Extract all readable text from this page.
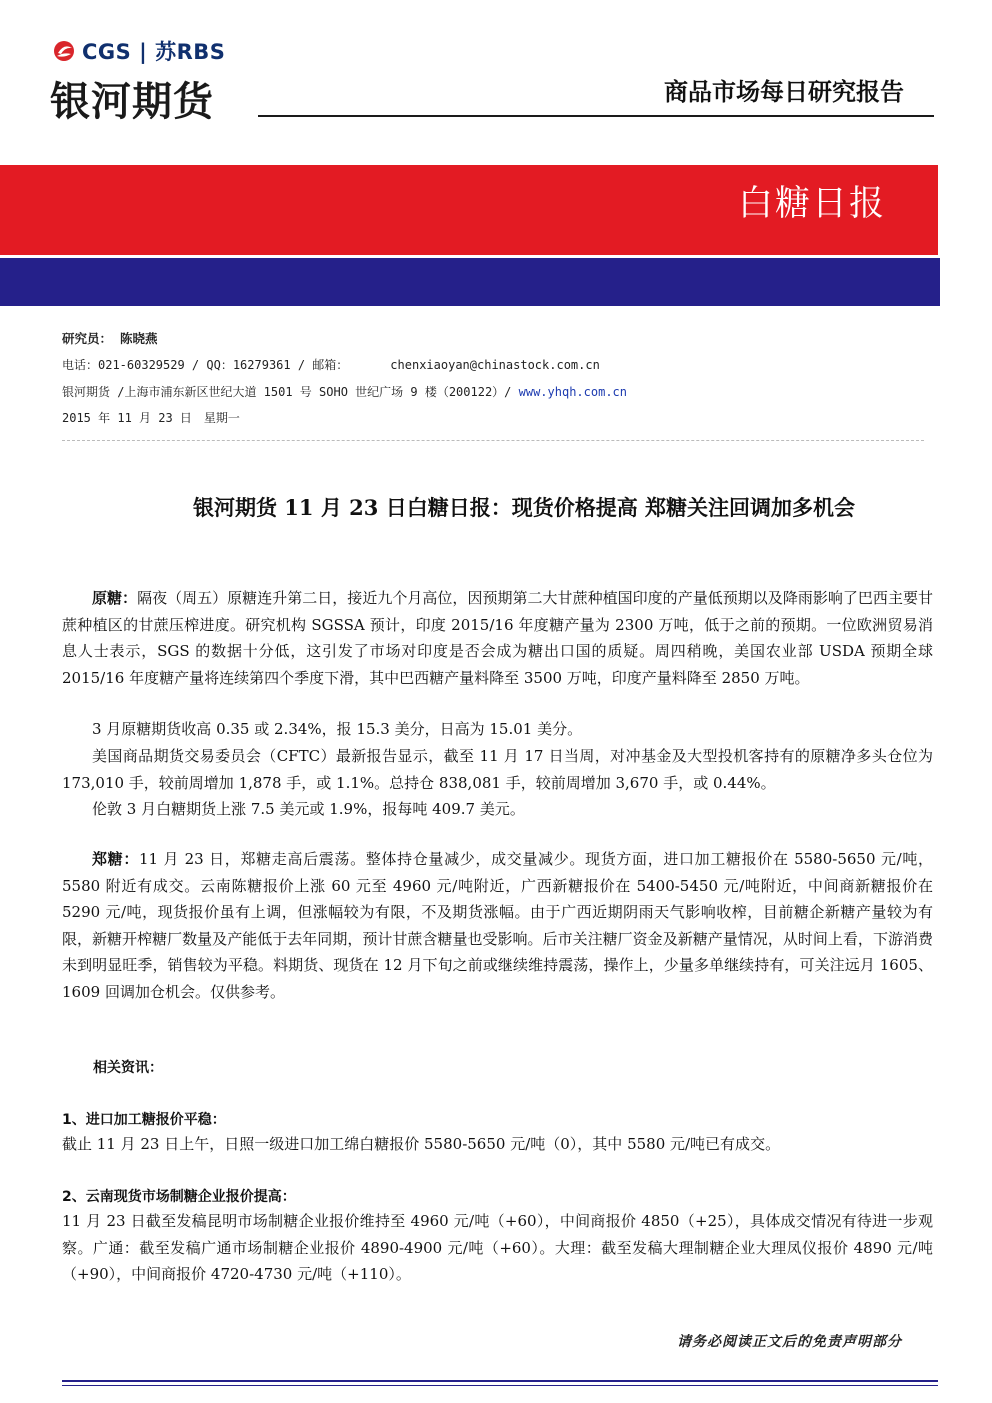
CGS | 苏RBS
银河期货	商品市场每日研究报告
白糖日报
研究员： 陈晓燕
电话：021-60329529 / QQ：16279361 / 邮箱：	chenxiaoyan@chinastock.com.cn
银河期货 /上海市浦东新区世纪大道 1501 号 SOHO 世纪广场 9 楼（200122）/ www.yhqh.com.cn
2015 年 11 月 23 日　星期一
银河期货 11 月 23 日白糖日报：现货价格提高 郑糖关注回调加多机会
原糖：隔夜（周五）原糖连升第二日，接近九个月高位，因预期第二大甘蔗种植国印度的产量低预期以及降雨影响了巴西主要甘蔗种植区的甘蔗压榨进度。研究机构 SGSSA 预计，印度 2015/16 年度糖产量为 2300 万吨，低于之前的预期。一位欧洲贸易消息人士表示，SGS 的数据十分低，这引发了市场对印度是否会成为糖出口国的质疑。周四稍晚，美国农业部 USDA 预期全球 2015/16 年度糖产量将连续第四个季度下滑，其中巴西糖产量料降至 3500 万吨，印度产量料降至 2850 万吨。
3 月原糖期货收高 0.35 或 2.34%，报 15.3 美分，日高为 15.01 美分。
美国商品期货交易委员会（CFTC）最新报告显示，截至 11 月 17 日当周，对冲基金及大型投机客持有的原糖净多头仓位为 173,010 手，较前周增加 1,878 手，或 1.1%。总持仓 838,081 手，较前周增加 3,670 手，或 0.44%。
伦敦 3 月白糖期货上涨 7.5 美元或 1.9%，报每吨 409.7 美元。
郑糖：11 月 23 日，郑糖走高后震荡。整体持仓量减少，成交量减少。现货方面，进口加工糖报价在 5580-5650 元/吨，5580 附近有成交。云南陈糖报价上涨 60 元至 4960 元/吨附近，广西新糖报价在 5400-5450 元/吨附近，中间商新糖报价在 5290 元/吨，现货报价虽有上调，但涨幅较为有限，不及期货涨幅。由于广西近期阴雨天气影响收榨，目前糖企新糖产量较为有限，新糖开榨糖厂数量及产能低于去年同期，预计甘蔗含糖量也受影响。后市关注糖厂资金及新糖产量情况，从时间上看，下游消费未到明显旺季，销售较为平稳。料期货、现货在 12 月下旬之前或继续维持震荡，操作上，少量多单继续持有，可关注远月 1605、1609 回调加仓机会。仅供参考。
相关资讯：
1、进口加工糖报价平稳：
截止 11 月 23 日上午，日照一级进口加工绵白糖报价 5580-5650 元/吨（0），其中 5580 元/吨已有成交。
2、云南现货市场制糖企业报价提高：
11 月 23 日截至发稿昆明市场制糖企业报价维持至 4960 元/吨（+60），中间商报价 4850（+25），具体成交情况有待进一步观察。广通：截至发稿广通市场制糖企业报价 4890-4900 元/吨（+60）。大理：截至发稿大理制糖企业大理凤仪报价 4890 元/吨（+90），中间商报价 4720-4730 元/吨（+110）。
请务必阅读正文后的免责声明部分
